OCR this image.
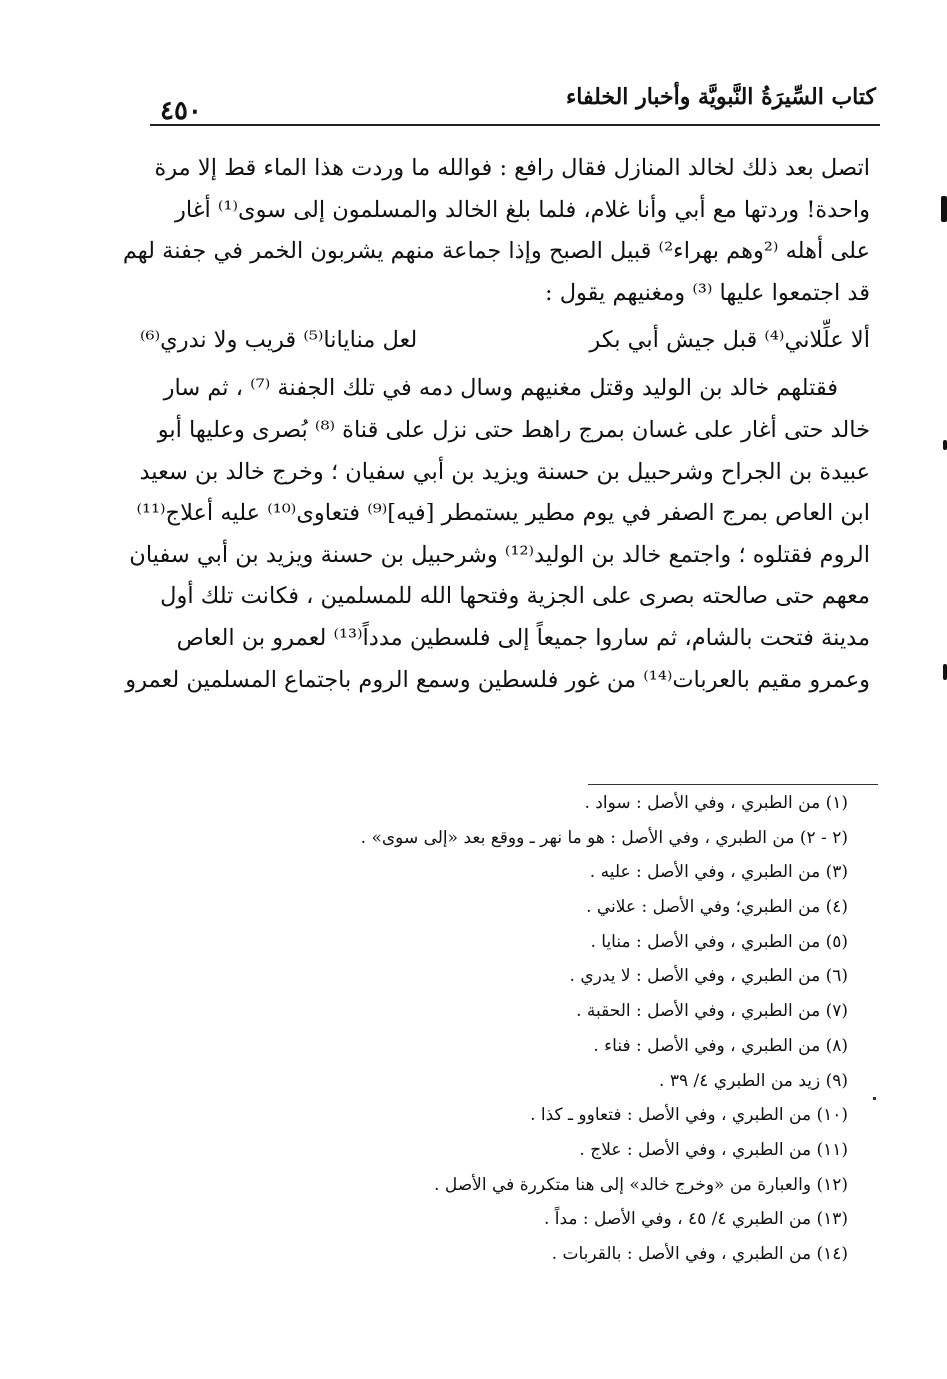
٤٥٠	كتاب السِّيرَةُ النَّبويَّة وأخبار الخلفاء
اتصل بعد ذلك لخالد المنازل فقال رافع : فوالله ما وردت هذا الماء قط إلا مرة
واحدة! وردتها مع أبي وأنا غلام، فلما بلغ الخالد والمسلمون إلى سوى⁽¹⁾ أغار
على أهله ⁽²وهم بهراء²⁾ قبيل الصبح وإذا جماعة منهم يشربون الخمر في جفنة لهم
قد اجتمعوا عليها ⁽³⁾ ومغنيهم يقول :
ألا علِّلاني⁽⁴⁾ قبل جيش أبي بكر
لعل منايانا⁽⁵⁾ قريب ولا ندري⁽⁶⁾
فقتلهم خالد بن الوليد وقتل مغنيهم وسال دمه في تلك الجفنة ⁽⁷⁾ ، ثم سار
خالد حتى أغار على غسان بمرج راهط حتى نزل على قناة ⁽⁸⁾ بُصرى وعليها أبو
عبيدة بن الجراح وشرحبيل بن حسنة ويزيد بن أبي سفيان ؛ وخرج خالد بن سعيد
ابن العاص بمرج الصفر في يوم مطير يستمطر [فيه]⁽⁹⁾ فتعاوى⁽¹⁰⁾ عليه أعلاج⁽¹¹⁾
الروم فقتلوه ؛ واجتمع خالد بن الوليد⁽¹²⁾ وشرحبيل بن حسنة ويزيد بن أبي سفيان
معهم حتى صالحته بصرى على الجزية وفتحها الله للمسلمين ، فكانت تلك أول
مدينة فتحت بالشام، ثم ساروا جميعاً إلى فلسطين مدداً⁽¹³⁾ لعمرو بن العاص
وعمرو مقيم بالعربات⁽¹⁴⁾ من غور فلسطين وسمع الروم باجتماع المسلمين لعمرو
(١) من الطبري ، وفي الأصل : سواد .
(٢ - ٢) من الطبري ، وفي الأصل : هو ما نهر ـ ووقع بعد «إلى سوى» .
(٣) من الطبري ، وفي الأصل : عليه .
(٤) من الطبري؛ وفي الأصل : علاني .
(٥) من الطبري ، وفي الأصل : منايا .
(٦) من الطبري ، وفي الأصل : لا يدري .
(٧) من الطبري ، وفي الأصل : الحقبة .
(٨) من الطبري ، وفي الأصل : فناء .
(٩) زيد من الطبري ٤/ ٣٩ .
(١٠) من الطبري ، وفي الأصل : فتعاوو ـ كذا .
(١١) من الطبري ، وفي الأصل : علاج .
(١٢) والعبارة من «وخرج خالد» إلى هنا متكررة في الأصل .
(١٣) من الطبري ٤/ ٤٥ ، وفي الأصل : مداً .
(١٤) من الطبري ، وفي الأصل : بالقربات .
